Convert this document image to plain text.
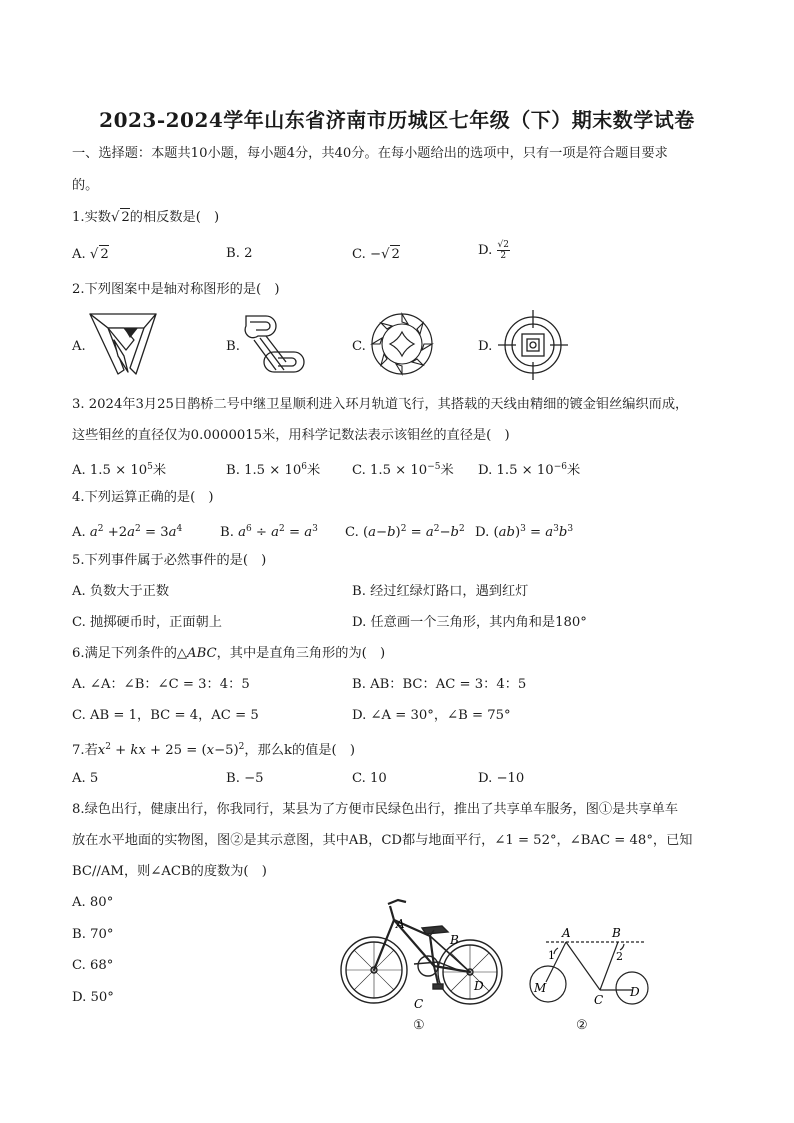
2023-2024学年山东省济南市历城区七年级（下）期末数学试卷
一、选择题：本题共10小题，每小题4分，共40分。在每小题给出的选项中，只有一项是符合题目要求
的。
1.实数√ 2的相反数是(　)
A. √ 2	B. 2	C. −√ 2	D. $\frac{√2}{2}$
2.下列图案中是轴对称图形的是(　)
A.	B.	C.	D.
3. 2024年3月25日鹊桥二号中继卫星顺利进入环月轨道飞行，其搭载的天线由精细的镀金钼丝编织而成，
这些钼丝的直径仅为0.0000015米，用科学记数法表示该钼丝的直径是(　)
A. $1.5 \times 10^5$米	B. $1.5 \times 10^6$米 C. $1.5 \times 10^{-5}$米 D. $1.5 \times 10^{-6}$米
4.下列运算正确的是(　)
A. $a^2 +2a^2 = 3a^4$	B. $a^6 \div a^2 = a^3$ C. $(a-b)^2 = a^2-b^2$ D. $(ab)^3 = a^3b^3$
5.下列事件属于必然事件的是(　)
A. 负数大于正数	B. 经过红绿灯路口，遇到红灯
C. 抛掷硬币时，正面朝上	D. 任意画一个三角形，其内角和是180°
6.满足下列条件的△ABC，其中是直角三角形的为(　)
A. ∠A：∠B：∠C = 3：4：5	B. AB：BC：AC = 3：4：5
C. AB = 1，BC = 4，AC = 5	D. ∠A = 30°，∠B = 75°
7.若$x^2$ + kx + $25 = (x-5)^2$，那么k的值是(　)
A. 5	B. −5	C. 10	D. −10
8.绿色出行，健康出行，你我同行，某县为了方便市民绿色出行，推出了共享单车服务，图①是共享单车
放在水平地面的实物图，图②是其示意图，其中AB，CD都与地面平行，∠1 = 52°，∠BAC = 48°，已知
BC//AM，则∠ACB的度数为(　)
A. 80°
B. 70°
C. 68°
D. 50°
A
B
C
D
①
A	B
1	2
M
C
D
②
